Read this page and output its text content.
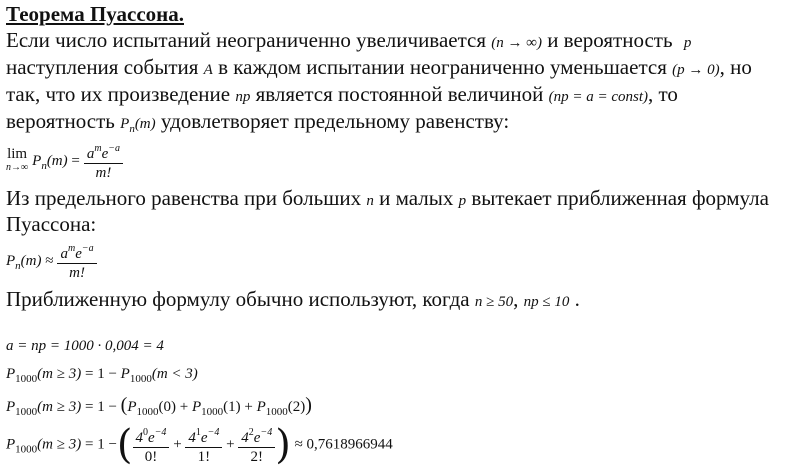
Теорема Пуассона.
Если число испытаний неограниченно увеличивается (n → ∞) и вероятность p
наступления события A в каждом испытании неограниченно уменьшается (p → 0), но
так, что их произведение np является постоянной величиной (np = a = const), то
вероятность $P_n(m)$ удовлетворяет предельному равенству:
lim
n→∞ $P_n(m) = \frac{a^me^{-a}}{m!}$
Из предельного равенства при больших n и малых p вытекает приближенная формула
Пуассона:
$P_n(m) \approx \frac{a^me^{-a}}{m!}$
Приближенную формулу обычно используют, когда n ≥ 50, np ≤ 10 .
a = np = 1000 · 0,004 = 4
$P_{1000}(m \ge 3) = 1 - P_{1000}(m < 3)$
$P_{1000}(m \ge 3) = 1 - (P_{1000}(0) + P_{1000}(1) + P_{1000}(2))$
$P_{1000}(m \ge 3) = 1$ −( $\frac{4^0e^{-4}}{0!} + \frac{4^1e^{-4}}{1!} + \frac{4^2e^{-4}}{2!}$ ) ≈ 0,7618966944
